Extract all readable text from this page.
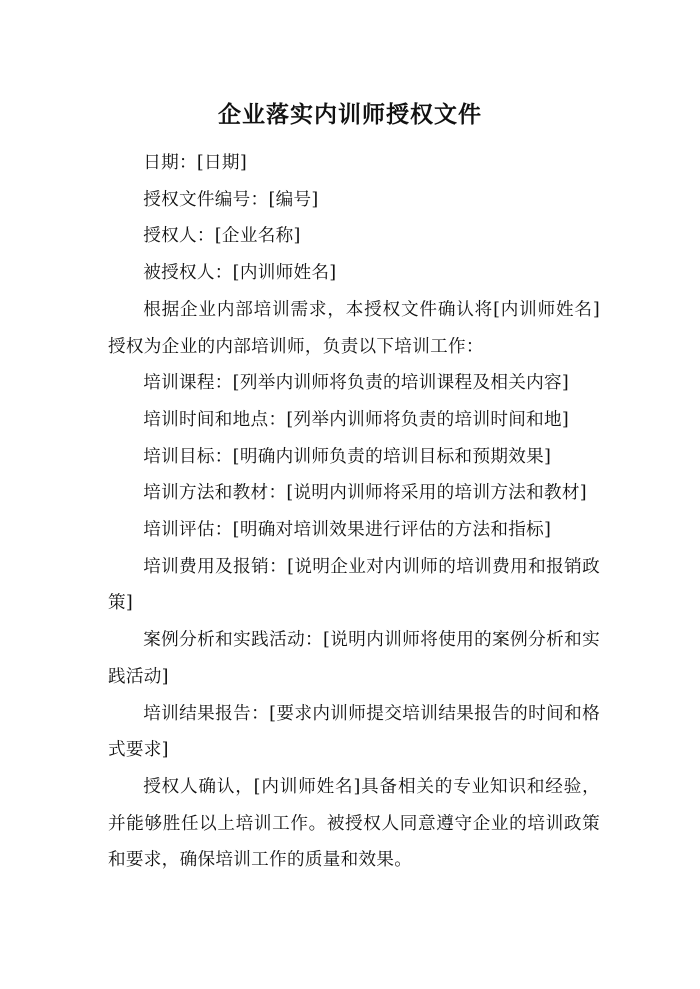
企业落实内训师授权文件

日期：[日期]

授权文件编号：[编号]

授权人：[企业名称]

被授权人：[内训师姓名]

根据企业内部培训需求，本授权文件确认将[内训师姓名]授权为企业的内部培训师，负责以下培训工作：

培训课程：[列举内训师将负责的培训课程及相关内容]

培训时间和地点：[列举内训师将负责的培训时间和地]

培训目标：[明确内训师负责的培训目标和预期效果]

培训方法和教材：[说明内训师将采用的培训方法和教材]

培训评估：[明确对培训效果进行评估的方法和指标]

培训费用及报销：[说明企业对内训师的培训费用和报销政策]

案例分析和实践活动：[说明内训师将使用的案例分析和实践活动]

培训结果报告：[要求内训师提交培训结果报告的时间和格式要求]

授权人确认，[内训师姓名]具备相关的专业知识和经验，并能够胜任以上培训工作。被授权人同意遵守企业的培训政策和要求，确保培训工作的质量和效果。
